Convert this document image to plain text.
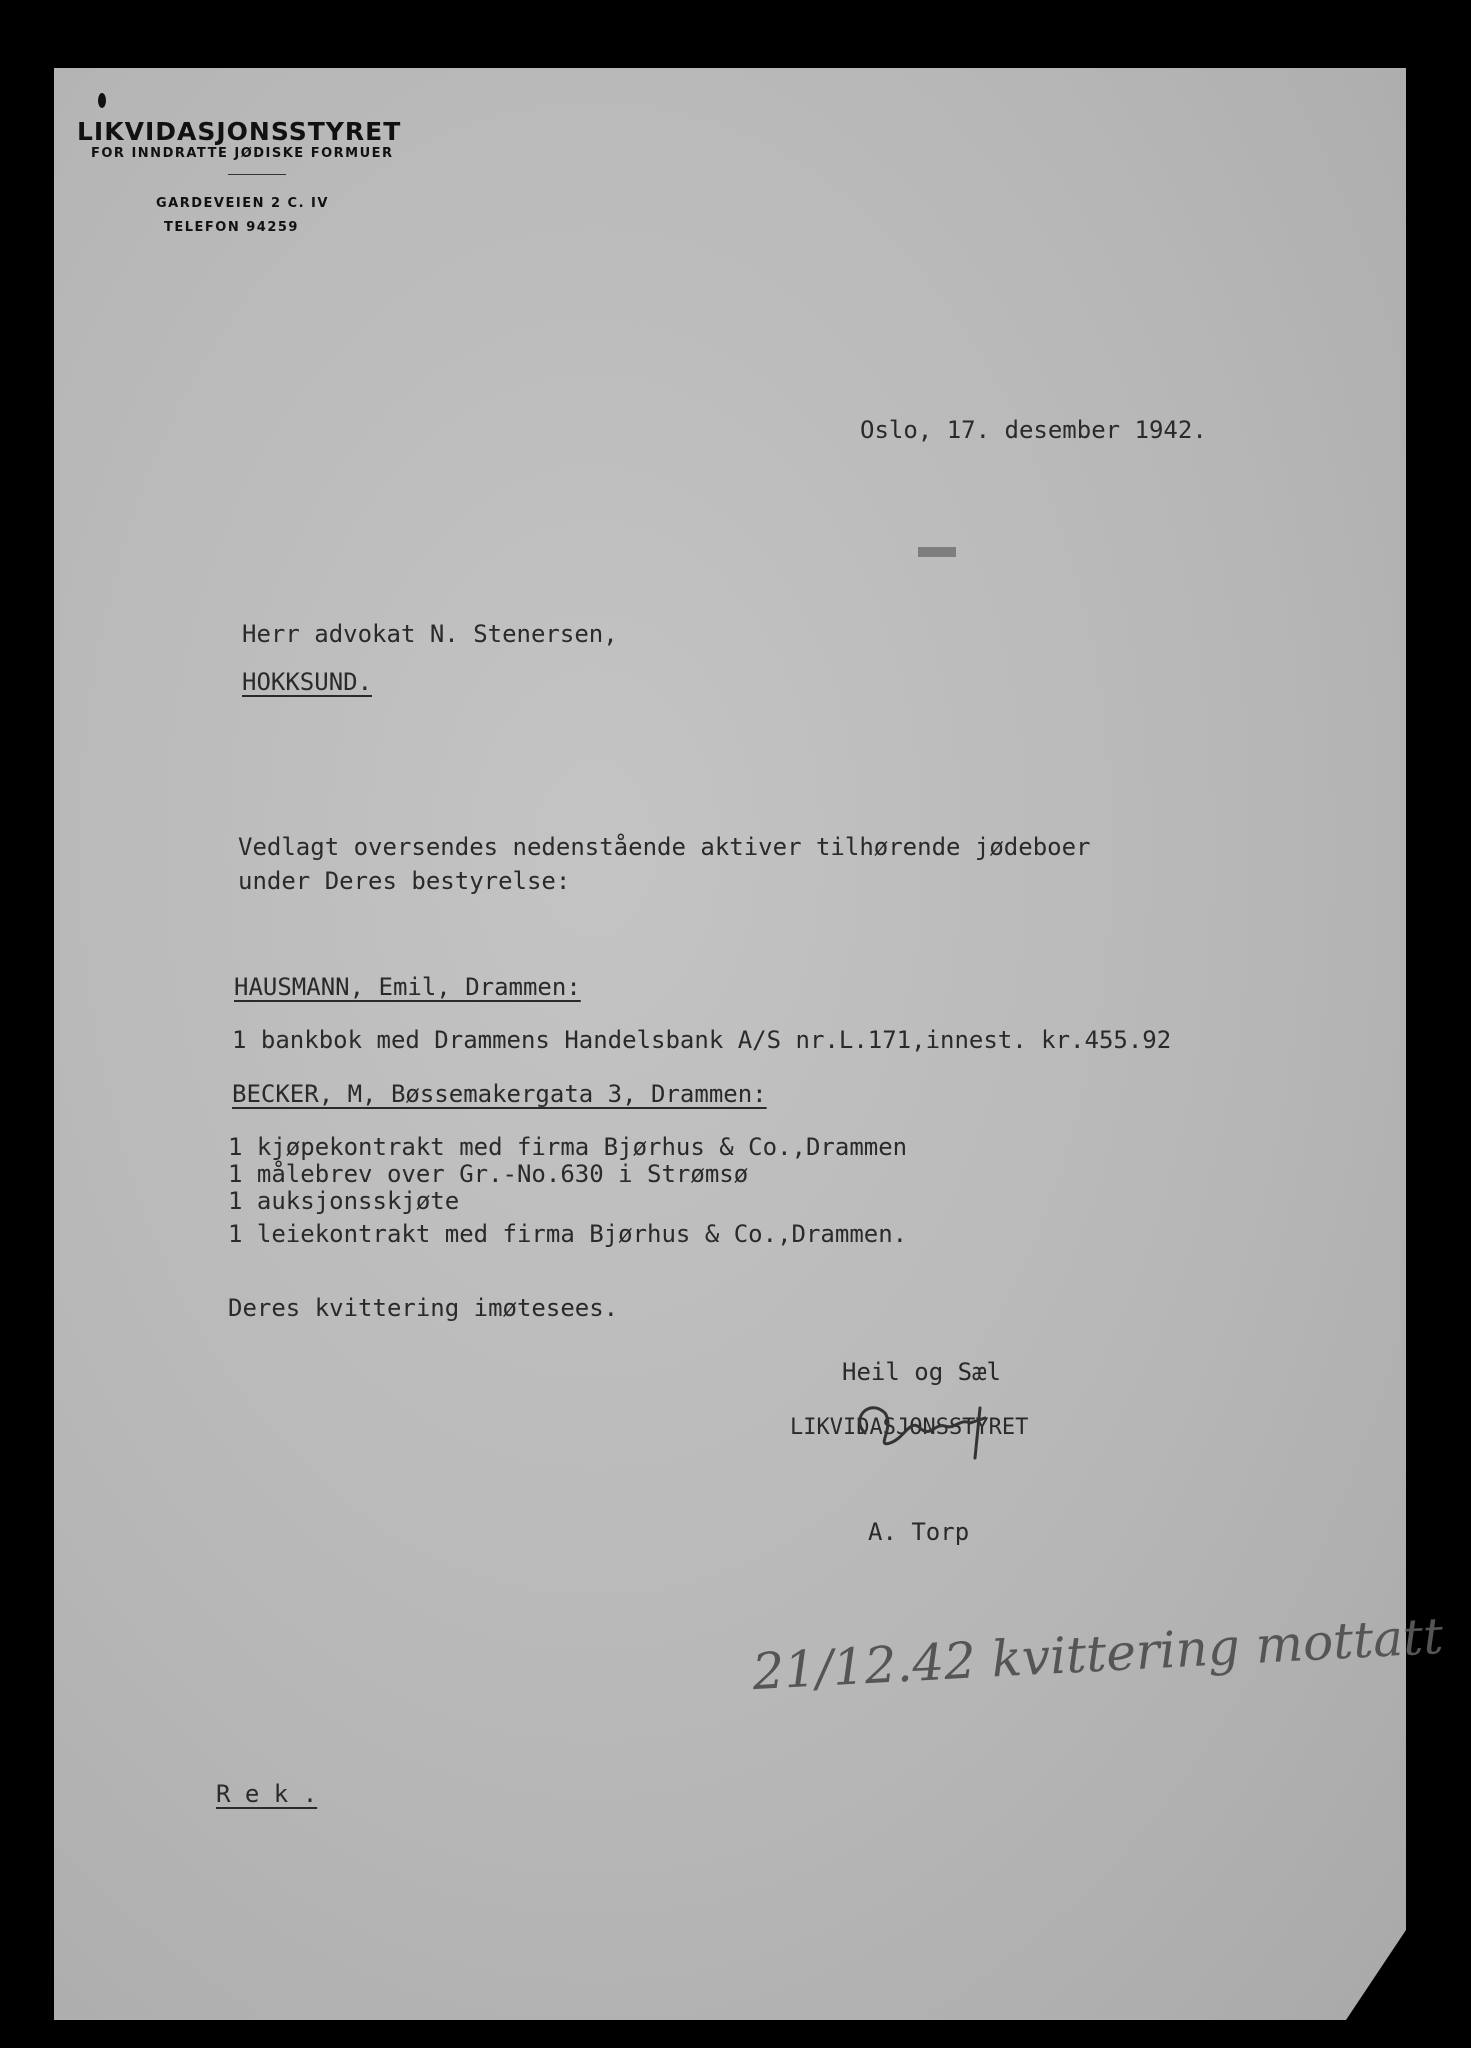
LIKVIDASJONSSTYRET
FOR INNDRATTE JØDISKE FORMUER
GARDEVEIEN 2 C. IV
TELEFON 94259
Oslo, 17. desember 1942.
Herr advokat N. Stenersen,
HOKKSUND.
Vedlagt oversendes nedenstående aktiver tilhørende jødeboer
under Deres bestyrelse:
HAUSMANN, Emil, Drammen:
1 bankbok med Drammens Handelsbank A/S nr.L.171,innest. kr.455.92
BECKER, M, Bøssemakergata 3, Drammen:
1 kjøpekontrakt med firma Bjørhus & Co.,Drammen
1 målebrev over Gr.-No.630 i Strømsø
1 auksjonsskjøte
1 leiekontrakt med firma Bjørhus & Co.,Drammen.
Deres kvittering imøtesees.
Heil og Sæl
LIKVIDASJONSSTYRET
A. Torp
21/12.42 kvittering mottatt
R e k .
